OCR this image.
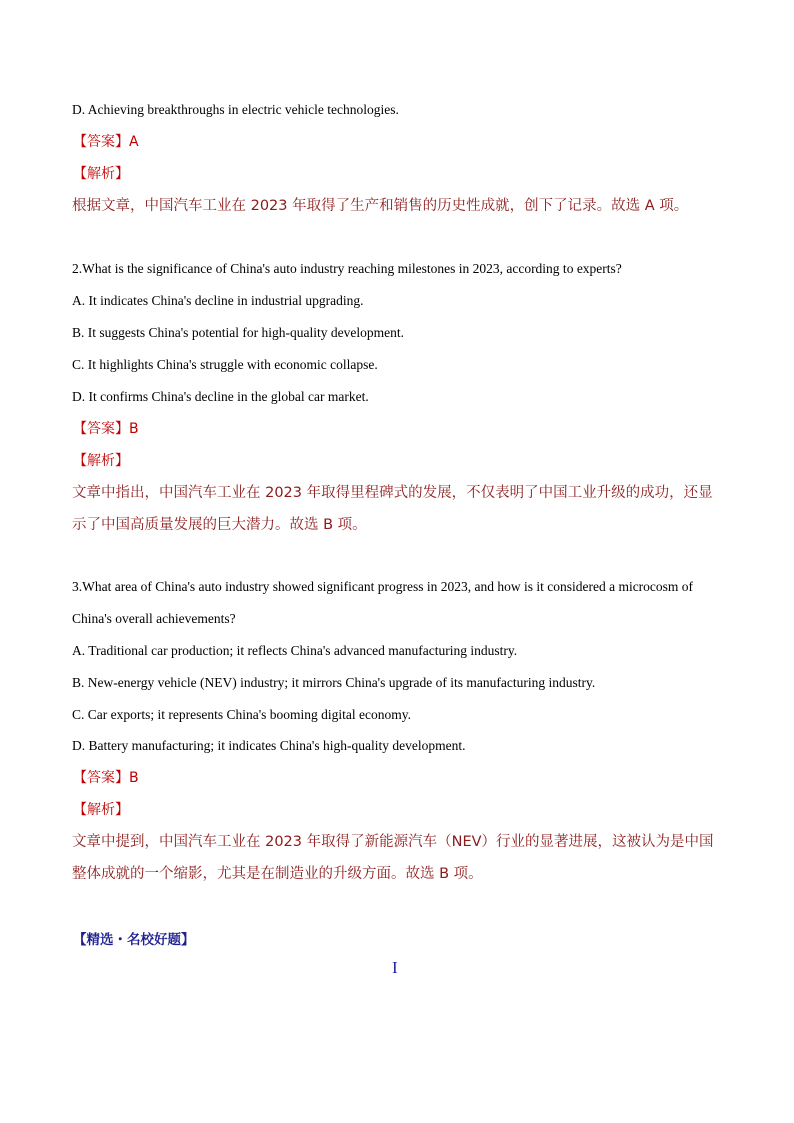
D. Achieving breakthroughs in electric vehicle technologies.
【答案】A
【解析】
根据文章，中国汽车工业在 2023 年取得了生产和销售的历史性成就，创下了记录。故选 A 项。
2.What is the significance of China's auto industry reaching milestones in 2023, according to experts?
A. It indicates China's decline in industrial upgrading.
B. It suggests China's potential for high-quality development.
C. It highlights China's struggle with economic collapse.
D. It confirms China's decline in the global car market.
【答案】B
【解析】
文章中指出，中国汽车工业在 2023 年取得里程碑式的发展，不仅表明了中国工业升级的成功，还显示了中国高质量发展的巨大潜力。故选 B 项。
3.What area of China's auto industry showed significant progress in 2023, and how is it considered a microcosm of
China's overall achievements?
A. Traditional car production; it reflects China's advanced manufacturing industry.
B. New-energy vehicle (NEV) industry; it mirrors China's upgrade of its manufacturing industry.
C. Car exports; it represents China's booming digital economy.
D. Battery manufacturing; it indicates China's high-quality development.
【答案】B
【解析】
文章中提到，中国汽车工业在 2023 年取得了新能源汽车（NEV）行业的显著进展，这被认为是中国整体成就的一个缩影，尤其是在制造业的升级方面。故选 B 项。
【精选・名校好题】
I
